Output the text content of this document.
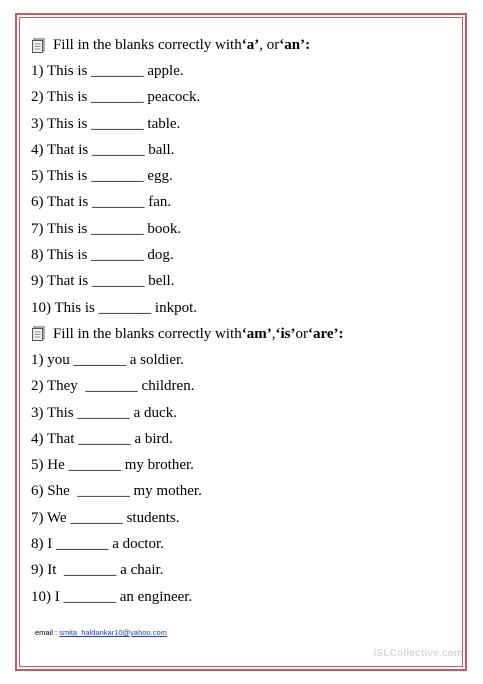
Fill in the blanks correctly with ‘a’ , or ‘an’ :
1) This is _______ apple.
2) This is _______ peacock.
3) This is _______ table.
4) That is _______ ball.
5) This is _______ egg.
6) That is _______ fan.
7) This is _______ book.
8) This is _______ dog.
9) That is _______ bell.
10) This is _______ inkpot.
Fill in the blanks correctly with ‘am’ , ‘is’ or ‘are’ :
1) you _______ a soldier.
2) They  _______ children.
3) This _______ a duck.
4) That _______ a bird.
5) He _______ my brother.
6) She  _______ my mother.
7) We _______ students.
8) I _______ a doctor.
9) It  _______ a chair.
10) I _______ an engineer.
email : smita_haldankar10@yahoo.com
iSLCollective.com
